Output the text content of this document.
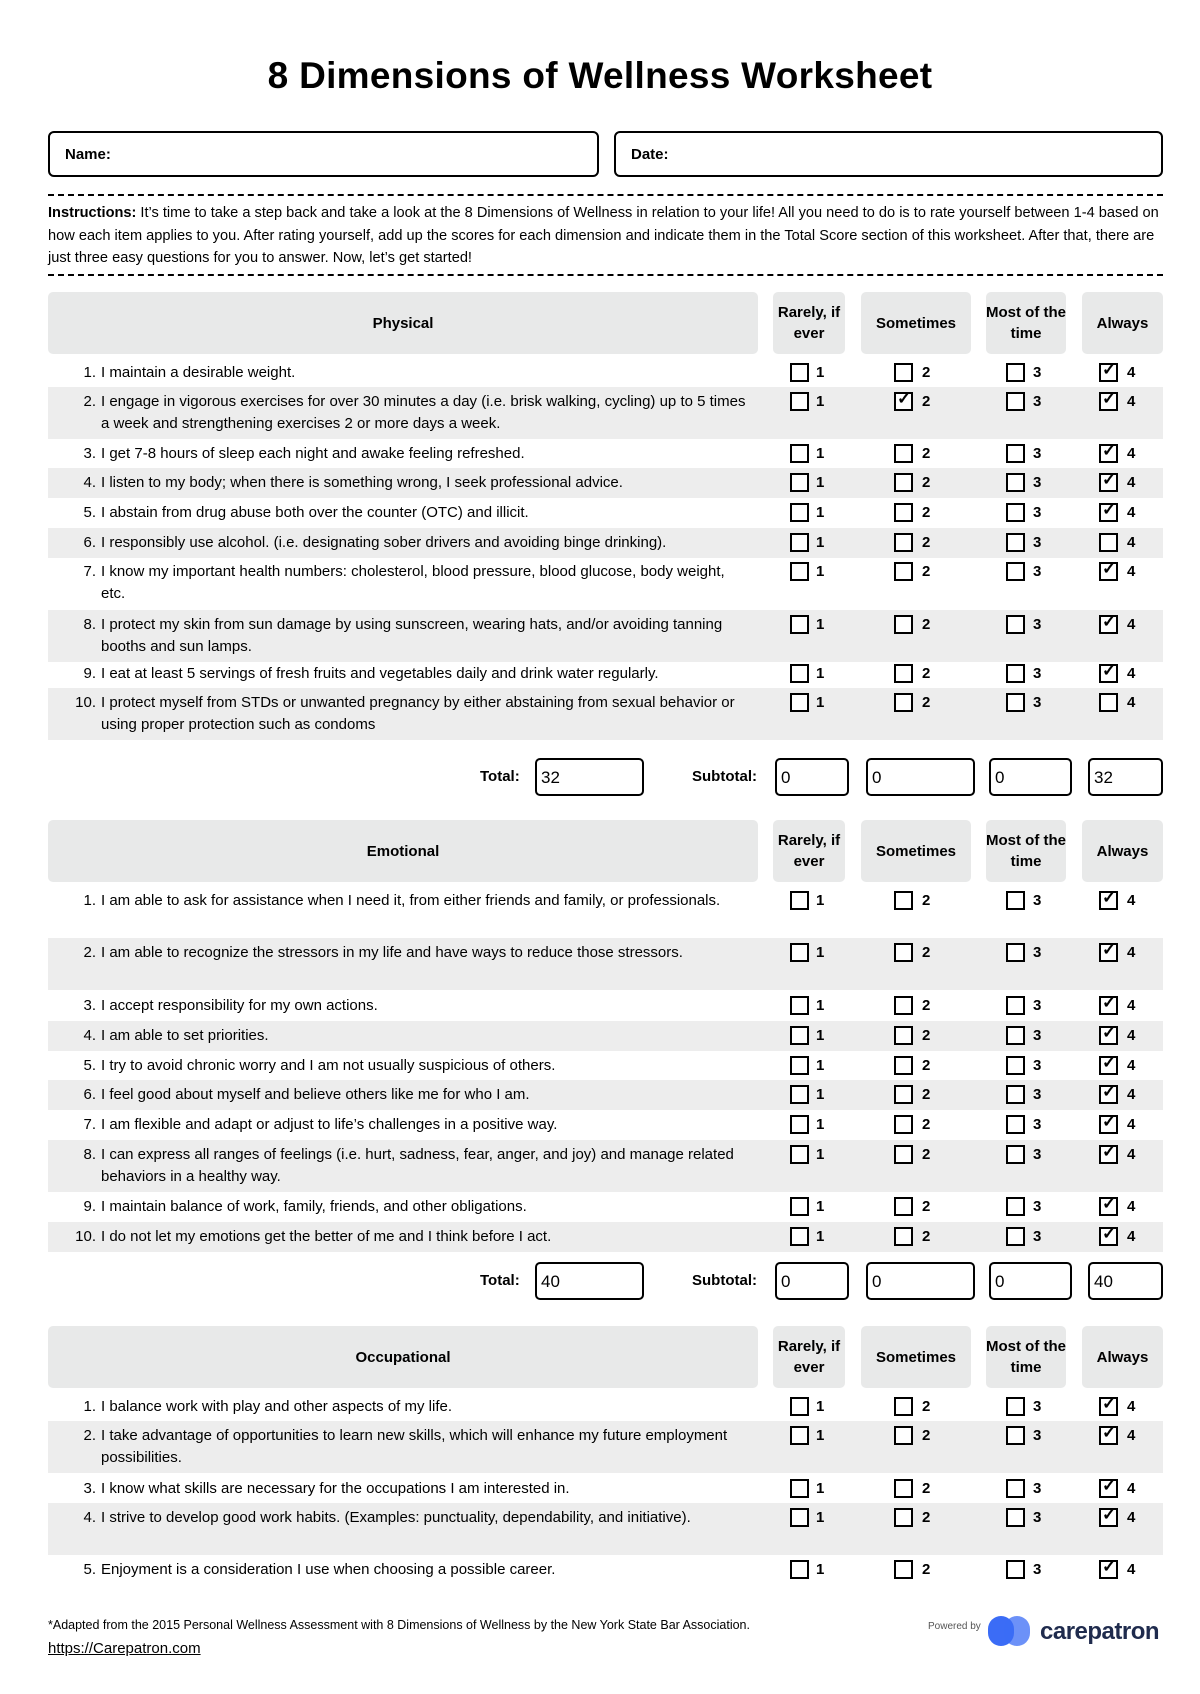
8 Dimensions of Wellness Worksheet
Name:	Date:
Instructions: It’s time to take a step back and take a look at the 8 Dimensions of Wellness in relation to your life! All you need to do is to rate yourself between 1-4 based on how each item applies to you. After rating yourself, add up the scores for each dimension and indicate them in the Total Score section of this worksheet. After that, there are just three easy questions for you to answer. Now, let’s get started!
Physical
Rarely, if ever
Sometimes
Most of the time
Always
1. I maintain a desirable weight.	1	2	3 ✓	4
2. I engage in vigorous exercises for over 30 minutes a day (i.e. brisk walking, cycling) up to 5 times a week and strengthening exercises 2 or more days a week.
1 ✓	2	3 ✓	4
3. I get 7-8 hours of sleep each night and awake feeling refreshed.	1	2	3 ✓	4
4. I listen to my body; when there is something wrong, I seek professional advice.	1	2	3 ✓	4
5. I abstain from drug abuse both over the counter (OTC) and illicit.	1	2	3 ✓	4
6. I responsibly use alcohol. (i.e. designating sober drivers and avoiding binge drinking).	1	2	3	4
7. I know my important health numbers: cholesterol, blood pressure, blood glucose, body weight, etc.
1	2	3 ✓	4
8. I protect my skin from sun damage by using sunscreen, wearing hats, and/or avoiding tanning booths and sun lamps.
1	2	3 ✓	4
9. I eat at least 5 servings of fresh fruits and vegetables daily and drink water regularly.	1	2	3 ✓	4
10. I protect myself from STDs or unwanted pregnancy by either abstaining from sexual behavior or using proper protection such as condoms
1	2	3	4
Total:	32	Subtotal:	0	0	0	32
Emotional
Rarely, if ever
Sometimes
Most of the time
Always
1. I am able to ask for assistance when I need it, from either friends and family, or professionals.	1	2	3 ✓	4
2. I am able to recognize the stressors in my life and have ways to reduce those stressors.	1	2	3 ✓	4
3. I accept responsibility for my own actions.	1	2	3 ✓	4
4. I am able to set priorities.	1	2	3 ✓	4
5. I try to avoid chronic worry and I am not usually suspicious of others.	1	2	3 ✓	4
6. I feel good about myself and believe others like me for who I am.	1	2	3 ✓	4
7. I am flexible and adapt or adjust to life’s challenges in a positive way.	1	2	3 ✓	4
8. I can express all ranges of feelings (i.e. hurt, sadness, fear, anger, and joy) and manage related behaviors in a healthy way.
1	2	3 ✓	4
9. I maintain balance of work, family, friends, and other obligations.	1	2	3 ✓	4
10. I do not let my emotions get the better of me and I think before I act.	1	2	3 ✓	4
Total:	40	Subtotal:	0	0	0	40
Occupational
Rarely, if ever
Sometimes
Most of the time
Always
1. I balance work with play and other aspects of my life.	1	2	3 ✓	4
2. I take advantage of opportunities to learn new skills, which will enhance my future employment possibilities.
1	2	3 ✓	4
3. I know what skills are necessary for the occupations I am interested in.	1	2	3 ✓	4
4. I strive to develop good work habits. (Examples: punctuality, dependability, and initiative).	1	2	3 ✓	4
5. Enjoyment is a consideration I use when choosing a possible career.	1	2	3 ✓	4
*Adapted from the 2015 Personal Wellness Assessment with 8 Dimensions of Wellness by the New York State Bar Association.
https://Carepatron.com
Powered by carepatron
